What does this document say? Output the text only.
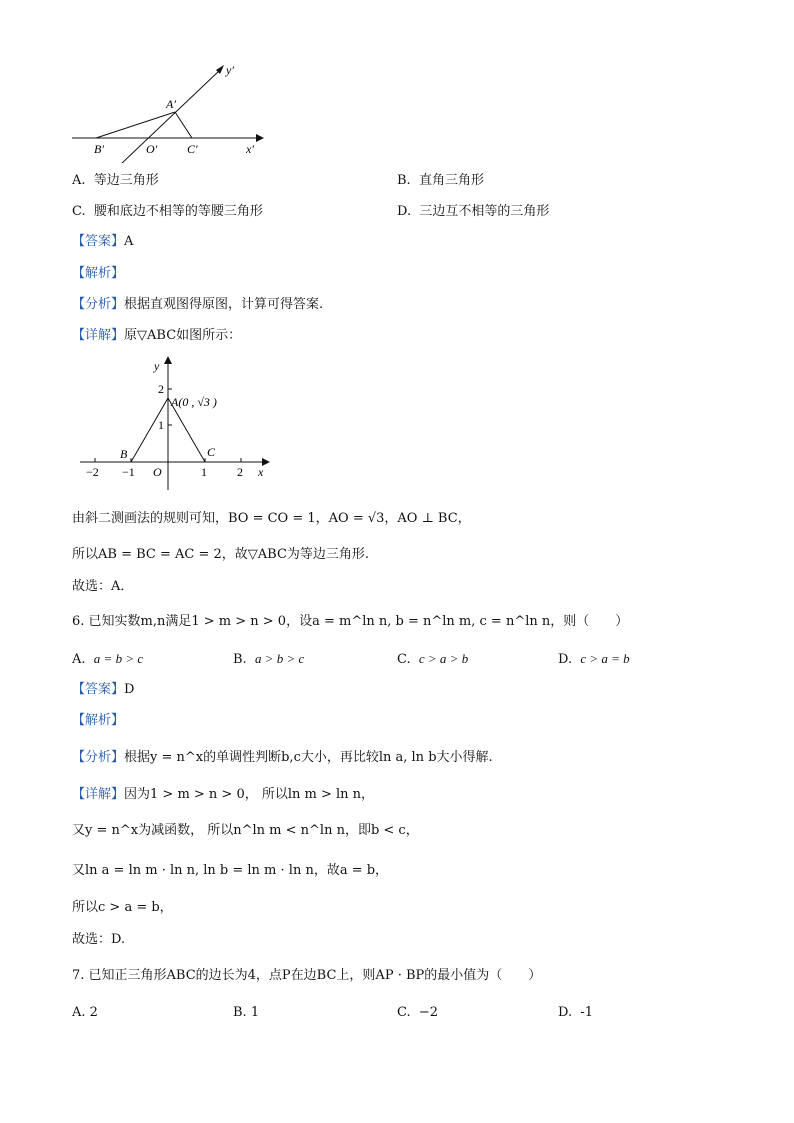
y′
A′
B′	O′ C′	x′
A. 等边三角形	B. 直角三角形
C. 腰和底边不相等的等腰三角形	D. 三边互不相等的三角形
【答案】A
【解析】
【分析】根据直观图得原图，计算可得答案.
【详解】原▽ABC如图所示：
y
x
O
A(0 , √3 )
B	C
2
1
−2 −1	1	2
由斜二测画法的规则可知，BO = CO = 1，AO = √3，AO ⊥ BC，
所以AB = BC = AC = 2，故▽ABC为等边三角形.
故选：A．
6. 已知实数m,n满足1 > m > n > 0，设a = m^ln n, b = n^ln m, c = n^ln n，则（　　）
A. a = b > c	B. a > b > c	C. c > a > b	D. c > a = b
【答案】D
【解析】
【分析】根据y = n^x的单调性判断b,c大小，再比较ln a, ln b大小得解.
【详解】因为1 > m > n > 0， 所以ln m > ln n，
又y = n^x为减函数， 所以n^ln m < n^ln n，即b < c，
又ln a = ln m · ln n, ln b = ln m · ln n，故a = b，
所以c > a = b，
故选：D.
7. 已知正三角形ABC的边长为4，点P在边BC上，则AP · BP的最小值为（　　）
A. 2	B. 1	C. −2	D. -1
